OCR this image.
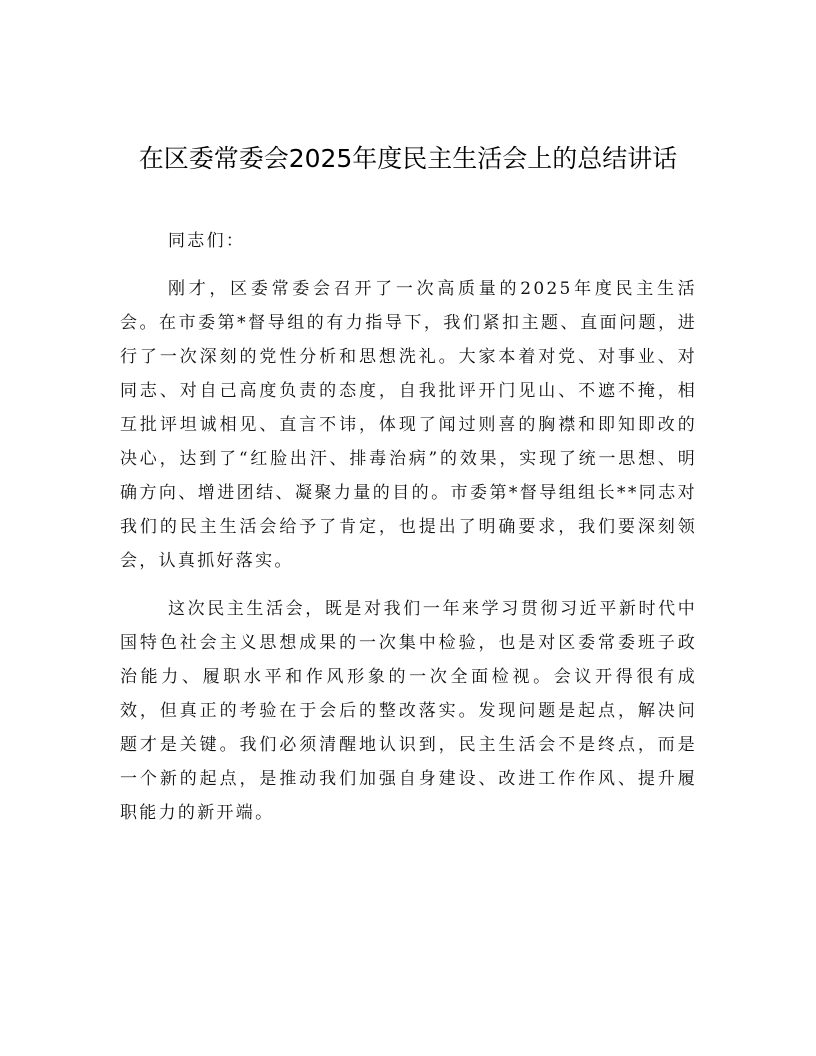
在区委常委会2025年度民主生活会上的总结讲话

同志们：

刚才，区委常委会召开了一次高质量的2025年度民主生活会。在市委第*督导组的有力指导下，我们紧扣主题、直面问题，进行了一次深刻的党性分析和思想洗礼。大家本着对党、对事业、对同志、对自己高度负责的态度，自我批评开门见山、不遮不掩，相互批评坦诚相见、直言不讳，体现了闻过则喜的胸襟和即知即改的决心，达到了“红脸出汗、排毒治病”的效果，实现了统一思想、明确方向、增进团结、凝聚力量的目的。市委第*督导组组长**同志对我们的民主生活会给予了肯定，也提出了明确要求，我们要深刻领会，认真抓好落实。

这次民主生活会，既是对我们一年来学习贯彻习近平新时代中国特色社会主义思想成果的一次集中检验，也是对区委常委班子政治能力、履职水平和作风形象的一次全面检视。会议开得很有成效，但真正的考验在于会后的整改落实。发现问题是起点，解决问题才是关键。我们必须清醒地认识到，民主生活会不是终点，而是一个新的起点，是推动我们加强自身建设、改进工作作风、提升履职能力的新开端。
